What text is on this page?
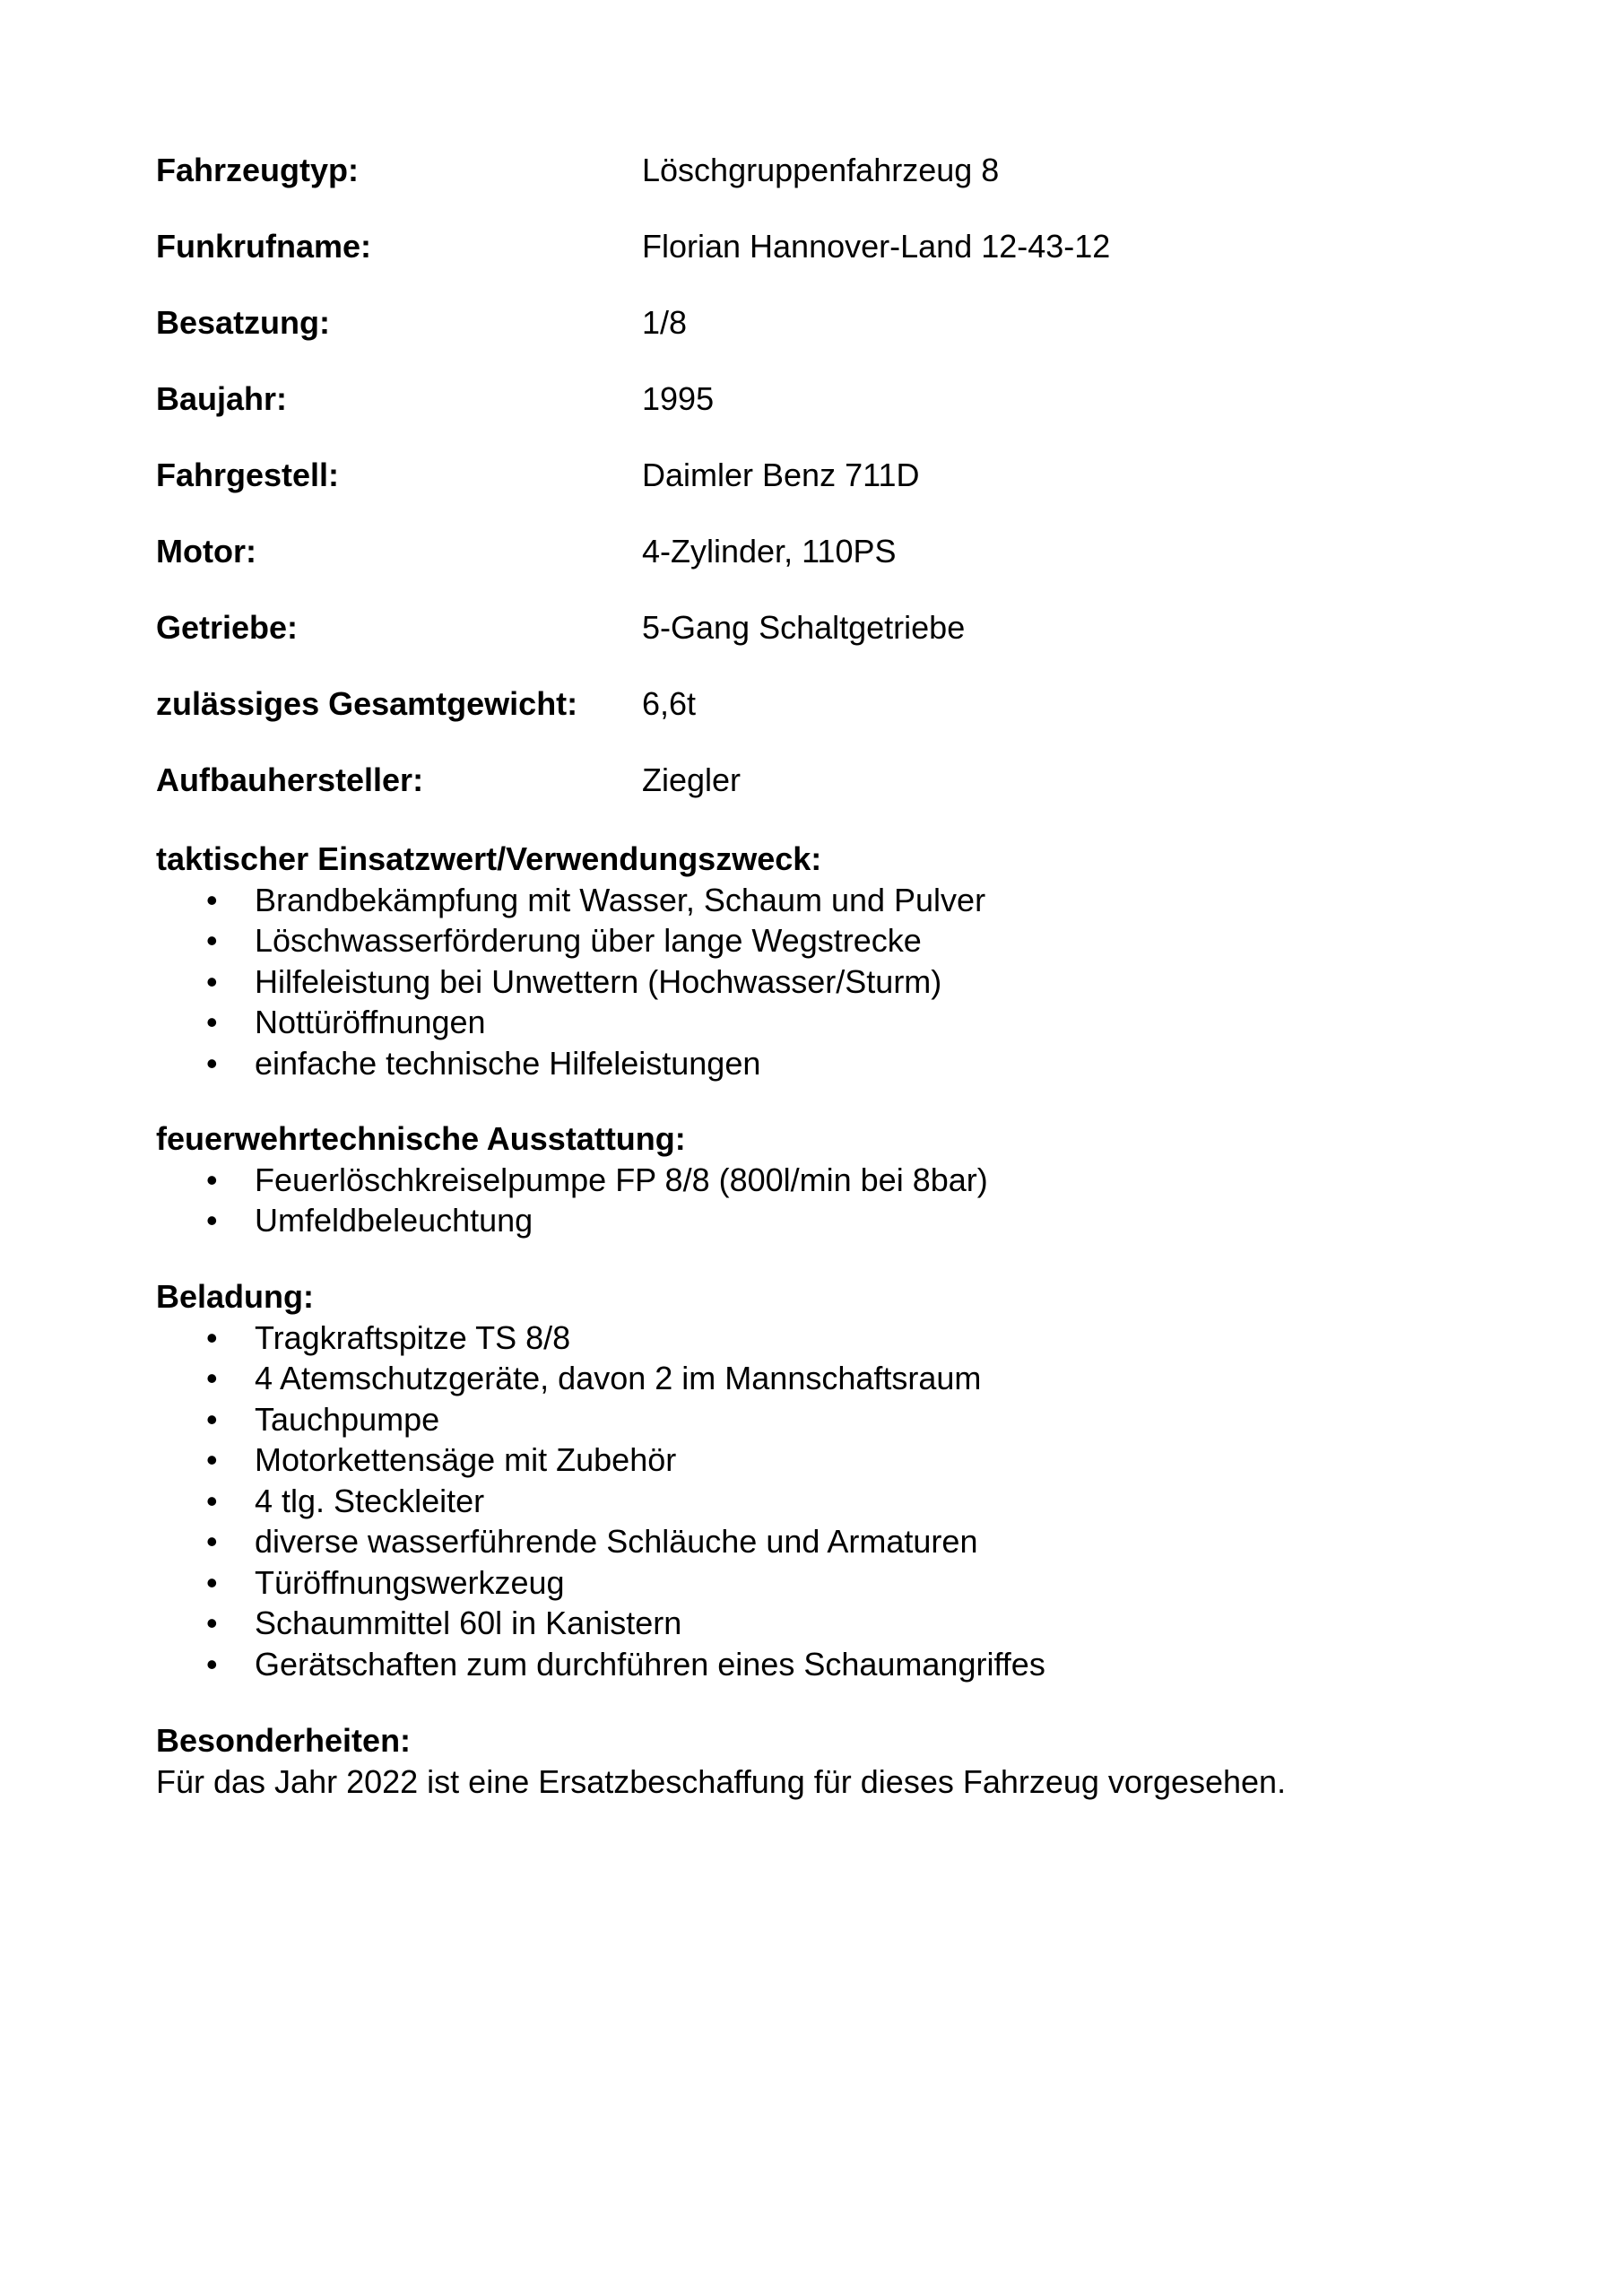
Fahrzeugtyp:	Löschgruppenfahrzeug 8
Funkrufname:	Florian Hannover-Land 12-43-12
Besatzung:	1/8
Baujahr:	1995
Fahrgestell:	Daimler Benz 711D
Motor:	4-Zylinder, 110PS
Getriebe:	5-Gang Schaltgetriebe
zulässiges Gesamtgewicht:	6,6t
Aufbauhersteller:	Ziegler
taktischer Einsatzwert/Verwendungszweck:
• Brandbekämpfung mit Wasser, Schaum und Pulver
• Löschwasserförderung über lange Wegstrecke
• Hilfeleistung bei Unwettern (Hochwasser/Sturm)
• Nottüröffnungen
• einfache technische Hilfeleistungen
feuerwehrtechnische Ausstattung:
• Feuerlöschkreiselpumpe FP 8/8 (800l/min bei 8bar)
• Umfeldbeleuchtung
Beladung:
• Tragkraftspitze TS 8/8
• 4 Atemschutzgeräte, davon 2 im Mannschaftsraum
• Tauchpumpe
• Motorkettensäge mit Zubehör
• 4 tlg. Steckleiter
• diverse wasserführende Schläuche und Armaturen
• Türöffnungswerkzeug
• Schaummittel 60l in Kanistern
• Gerätschaften zum durchführen eines Schaumangriffes
Besonderheiten:
Für das Jahr 2022 ist eine Ersatzbeschaffung für dieses Fahrzeug vorgesehen.
